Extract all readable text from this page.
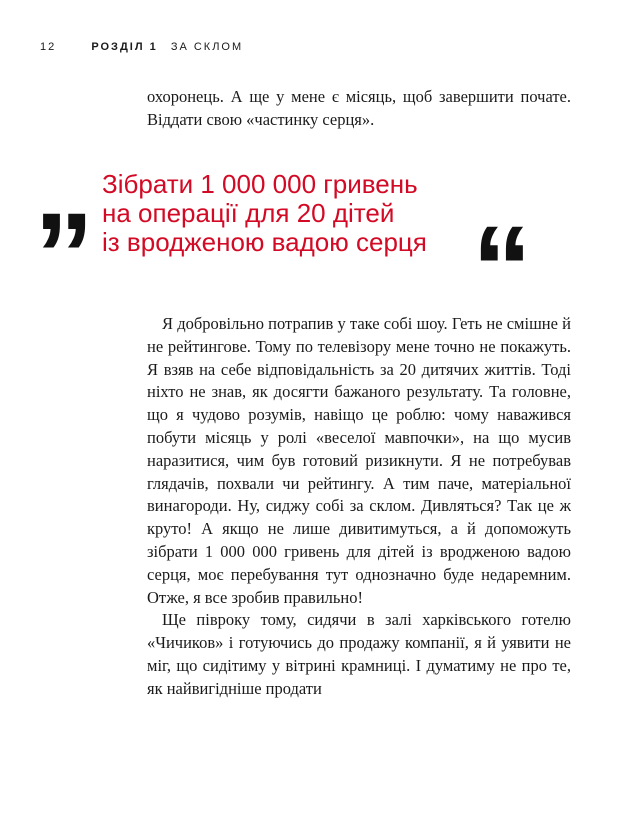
12	РОЗДІЛ 1 ЗА СКЛОМ

охоронець. А ще у мене є місяць, щоб завершити почате. Віддати свою «частинку серця».

„ Зібрати 1 000 000 гривень
на операції для 20 дітей
із вродженою вадою серця “

Я добровільно потрапив у таке собі шоу. Геть не смішне й не рейтингове. Тому по телевізору мене точно не покажуть. Я взяв на себе відповідальність за 20 дитячих життів. Тоді ніхто не знав, як досягти бажаного результату. Та головне, що я чудово розумів, навіщо це роблю: чому наважився побути місяць у ролі «веселої мавпочки», на що мусив наразитися, чим був готовий ризикнути. Я не потребував глядачів, похвали чи рейтингу. А тим паче, матеріальної винагороди. Ну, сиджу собі за склом. Дивляться? Так це ж круто! А якщо не лише дивитимуться, а й допоможуть зібрати 1 000 000 гривень для дітей із вродженою вадою серця, моє перебування тут однозначно буде недаремним. Отже, я все зробив правильно!

Ще півроку тому, сидячи в залі харківського готелю «Чичиков» і готуючись до продажу компанії, я й уявити не міг, що сидітиму у вітрині крамниці. І думатиму не про те, як найвигідніше продати
